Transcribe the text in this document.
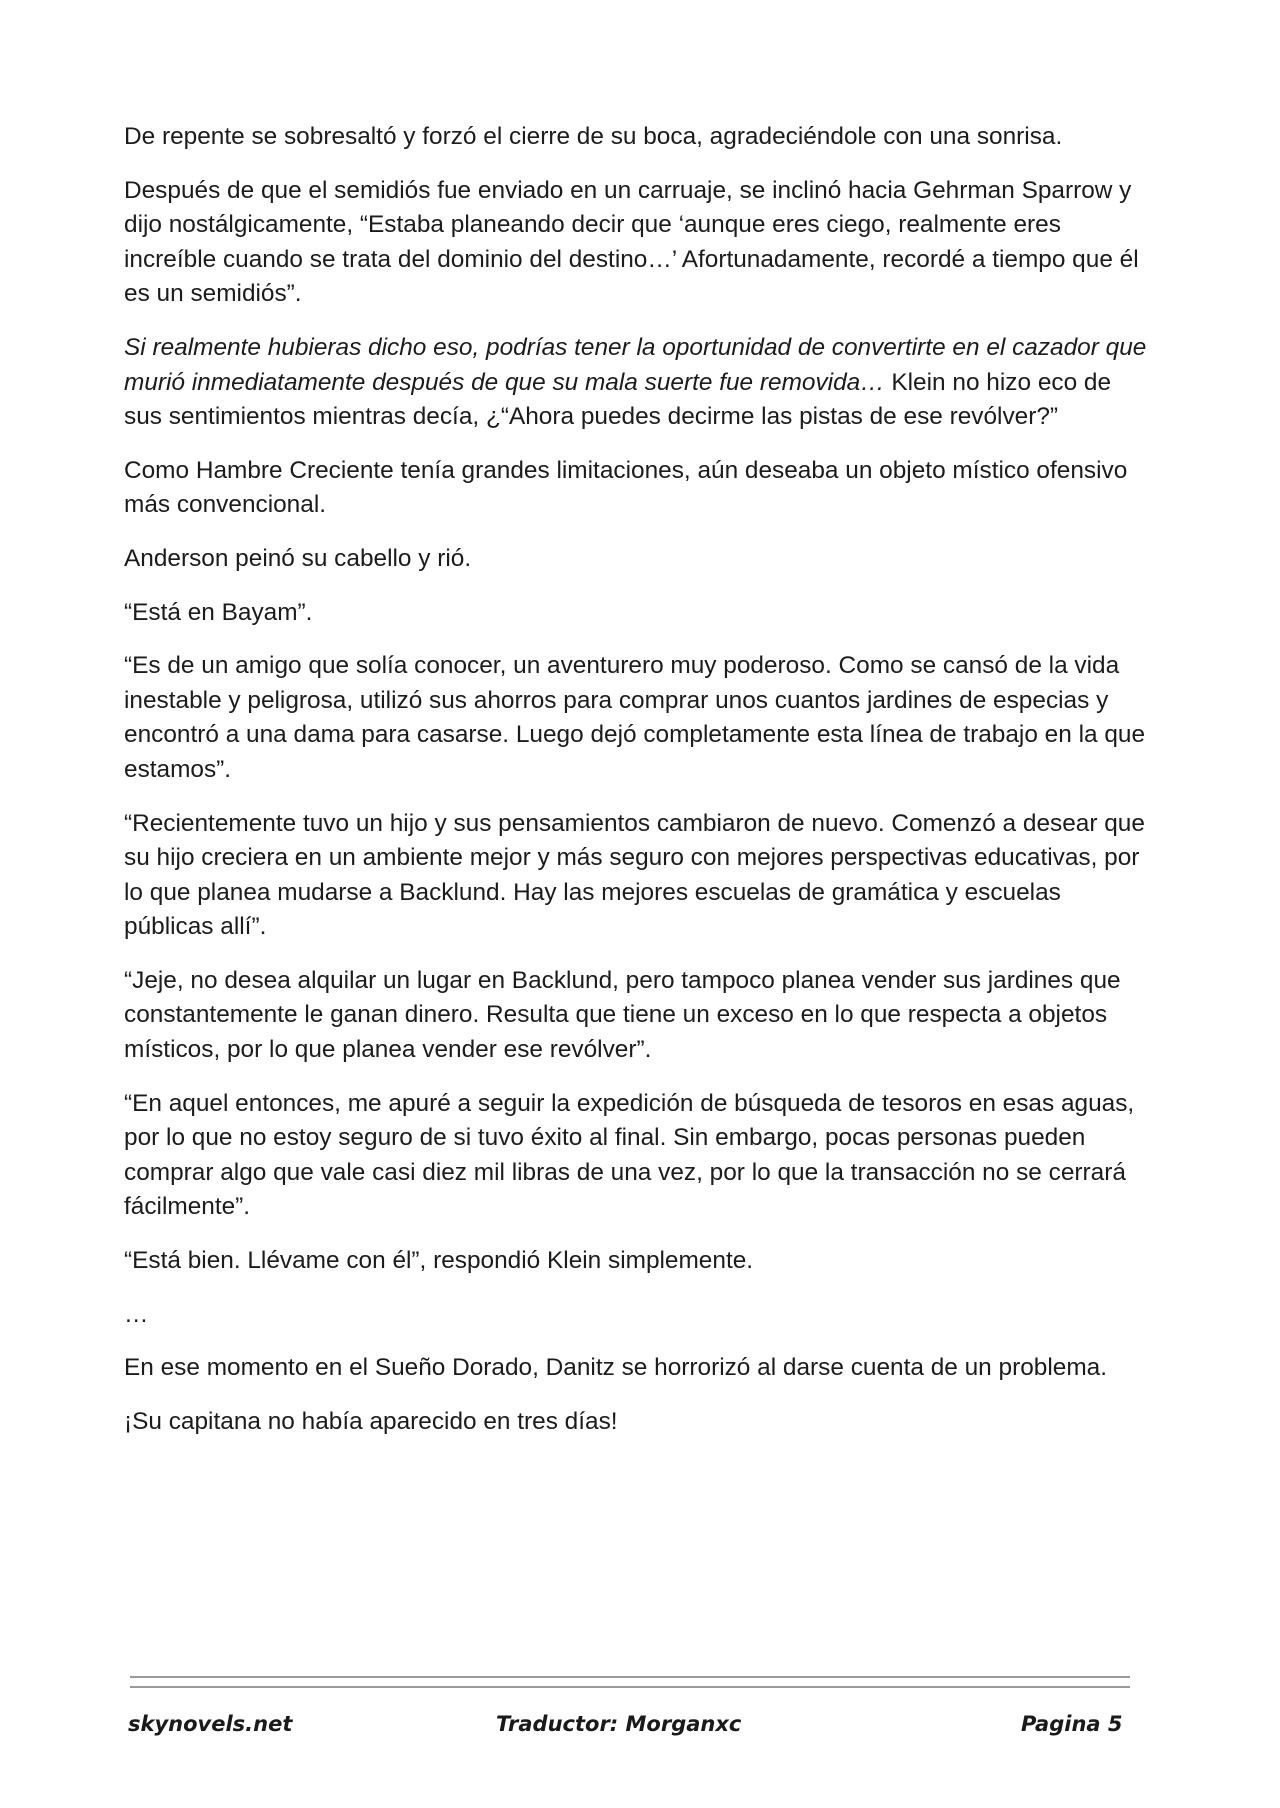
De repente se sobresaltó y forzó el cierre de su boca, agradeciéndole con una sonrisa.

Después de que el semidiós fue enviado en un carruaje, se inclinó hacia Gehrman Sparrow y dijo nostálgicamente, “Estaba planeando decir que ‘aunque eres ciego, realmente eres increíble cuando se trata del dominio del destino…’ Afortunadamente, recordé a tiempo que él es un semidiós”.

Si realmente hubieras dicho eso, podrías tener la oportunidad de convertirte en el cazador que murió inmediatamente después de que su mala suerte fue removida… Klein no hizo eco de sus sentimientos mientras decía, ¿“Ahora puedes decirme las pistas de ese revólver?”

Como Hambre Creciente tenía grandes limitaciones, aún deseaba un objeto místico ofensivo más convencional.

Anderson peinó su cabello y rió.

“Está en Bayam”.

“Es de un amigo que solía conocer, un aventurero muy poderoso. Como se cansó de la vida inestable y peligrosa, utilizó sus ahorros para comprar unos cuantos jardines de especias y encontró a una dama para casarse. Luego dejó completamente esta línea de trabajo en la que estamos”.

“Recientemente tuvo un hijo y sus pensamientos cambiaron de nuevo. Comenzó a desear que su hijo creciera en un ambiente mejor y más seguro con mejores perspectivas educativas, por lo que planea mudarse a Backlund. Hay las mejores escuelas de gramática y escuelas públicas allí”.

“Jeje, no desea alquilar un lugar en Backlund, pero tampoco planea vender sus jardines que constantemente le ganan dinero. Resulta que tiene un exceso en lo que respecta a objetos místicos, por lo que planea vender ese revólver”.

“En aquel entonces, me apuré a seguir la expedición de búsqueda de tesoros en esas aguas, por lo que no estoy seguro de si tuvo éxito al final. Sin embargo, pocas personas pueden comprar algo que vale casi diez mil libras de una vez, por lo que la transacción no se cerrará fácilmente”.

“Está bien. Llévame con él”, respondió Klein simplemente.

…

En ese momento en el Sueño Dorado, Danitz se horrorizó al darse cuenta de un problema.

¡Su capitana no había aparecido en tres días!

skynovels.net	Traductor: Morganxc	Pagina 5
